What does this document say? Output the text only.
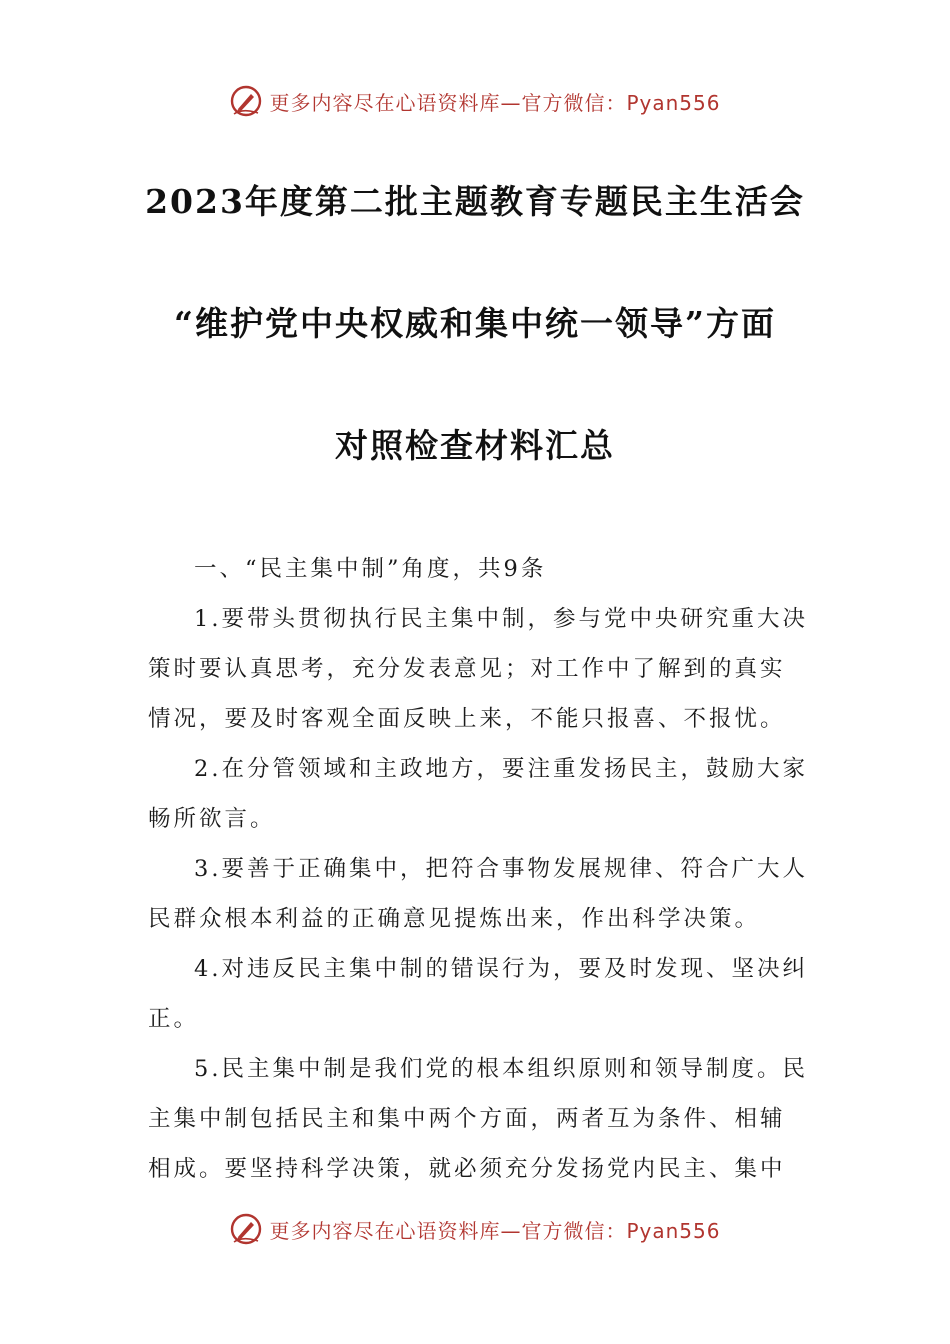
更多内容尽在心语资料库—官方微信：Pyan556
2023年度第二批主题教育专题民主生活会
“维护党中央权威和集中统一领导”方面
对照检查材料汇总
一、“民主集中制”角度，共9条
1.要带头贯彻执行民主集中制，参与党中央研究重大决
策时要认真思考，充分发表意见；对工作中了解到的真实
情况，要及时客观全面反映上来，不能只报喜、不报忧。
2.在分管领域和主政地方，要注重发扬民主，鼓励大家
畅所欲言。
3.要善于正确集中，把符合事物发展规律、符合广大人
民群众根本利益的正确意见提炼出来，作出科学决策。
4.对违反民主集中制的错误行为，要及时发现、坚决纠
正。
5.民主集中制是我们党的根本组织原则和领导制度。民
主集中制包括民主和集中两个方面，两者互为条件、相辅
相成。要坚持科学决策，就必须充分发扬党内民主、集中
更多内容尽在心语资料库—官方微信：Pyan556
